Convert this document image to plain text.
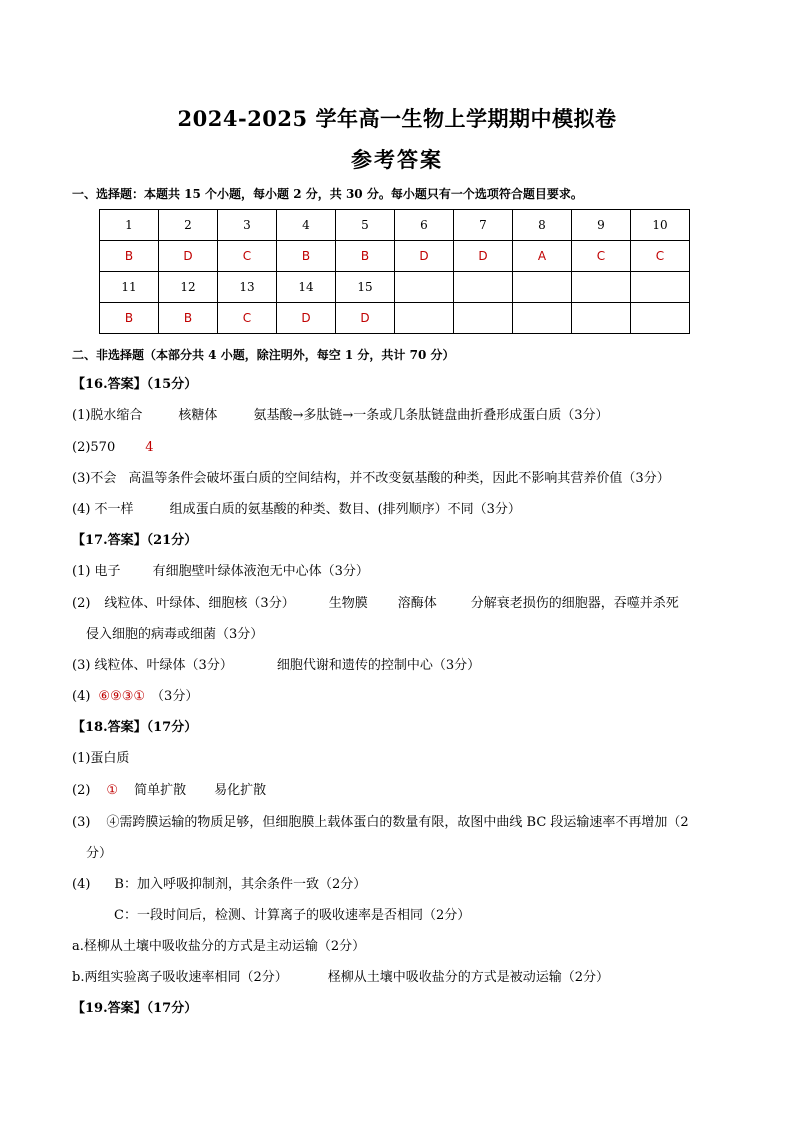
2024-2025 学年高一生物上学期期中模拟卷
参考答案
一、选择题：本题共 15 个小题，每小题 2 分，共 30 分。每小题只有一个选项符合题目要求。
1	2	3	4	5	6	7	8	9	10
B	D	C	B	B	D	D	A	C	C
11	12	13	14	15					
B	B	C	D	D					
二、非选择题（本部分共 4 小题，除注明外，每空 1 分，共计 70 分）
【16.答案】（15分）
(1)脱水缩合	核糖体	氨基酸→多肽链→一条或几条肽链盘曲折叠形成蛋白质（3分）
(2)570 4
(3)不会 高温等条件会破坏蛋白质的空间结构，并不改变氨基酸的种类，因此不影响其营养价值（3分）
(4) 不一样	组成蛋白质的氨基酸的种类、数目、(排列顺序）不同（3分）
【17.答案】（21分）
(1) 电子 有细胞壁叶绿体液泡无中心体（3分）
(2) 线粒体、叶绿体、细胞核（3分）	生物膜 溶酶体	分解衰老损伤的细胞器，吞噬并杀死
侵入细胞的病毒或细菌（3分）
(3) 线粒体、叶绿体（3分）	细胞代谢和遗传的控制中心（3分）
(4) ⑥⑨③① （3分）
【18.答案】（17分）
(1)蛋白质
(2) ① 简单扩散 易化扩散
(3) ④需跨膜运输的物质足够，但细胞膜上载体蛋白的数量有限，故图中曲线 BC 段运输速率不再增加（2
分）
(4) B：加入呼吸抑制剂，其余条件一致（2分）
C：一段时间后，检测、计算离子的吸收速率是否相同（2分）
a.柽柳从土壤中吸收盐分的方式是主动运输（2分）
b.两组实验离子吸收速率相同（2分）	柽柳从土壤中吸收盐分的方式是被动运输（2分）
【19.答案】（17分）
